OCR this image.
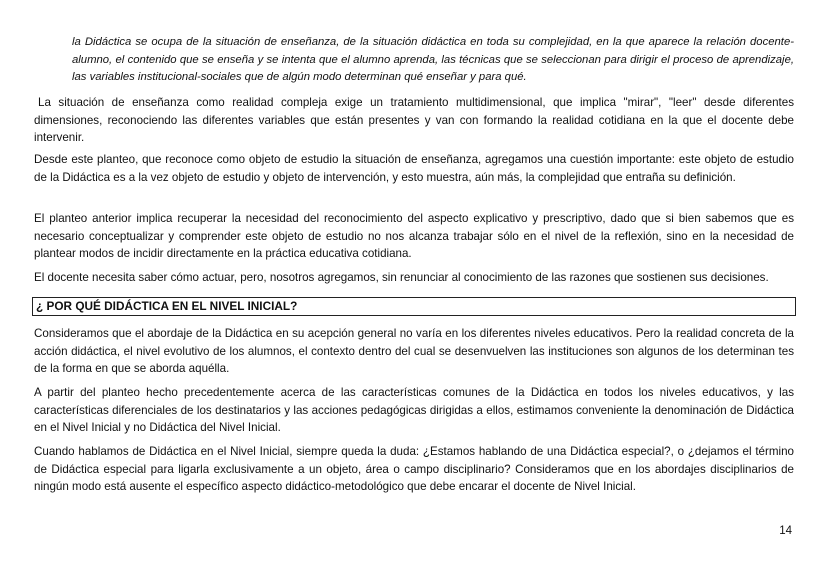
la Didáctica se ocupa de la situación de enseñanza, de la situación didáctica en toda su complejidad, en la que aparece la relación docente-alumno, el contenido que se enseña y se intenta que el alumno aprenda, las técnicas que se seleccionan para dirigir el proceso de aprendizaje, las variables institucional-sociales que de algún modo determinan qué enseñar y para qué.

La situación de enseñanza como realidad compleja exige un tratamiento multidimensional, que implica "mirar", "leer" desde diferentes dimensiones, reconociendo las diferentes variables que están presentes y van con formando la realidad cotidiana en la que el docente debe intervenir.

Desde este planteo, que reconoce como objeto de estudio la situación de enseñanza, agregamos una cuestión importante: este objeto de estudio de la Didáctica es a la vez objeto de estudio y objeto de intervención, y esto muestra, aún más, la complejidad que entraña su definición.

El planteo anterior implica recuperar la necesidad del reconocimiento del aspecto explicativo y prescriptivo, dado que si bien sabemos que es necesario conceptualizar y comprender este objeto de estudio no nos alcanza trabajar sólo en el nivel de la reflexión, sino en la necesidad de plantear modos de incidir directamente en la práctica educativa cotidiana.

El docente necesita saber cómo actuar, pero, nosotros agregamos, sin renunciar al conocimiento de las razones que sostienen sus decisiones.

¿ POR QUÉ DIDÁCTICA EN EL NIVEL INICIAL?

Consideramos que el abordaje de la Didáctica en su acepción general no varía en los diferentes niveles educativos. Pero la realidad concreta de la acción didáctica, el nivel evolutivo de los alumnos, el contexto dentro del cual se desenvuelven las instituciones son algunos de los determinan tes de la forma en que se aborda aquélla.

A partir del planteo hecho precedentemente acerca de las características comunes de la Didáctica en todos los niveles educativos, y las características diferenciales de los destinatarios y las acciones pedagógicas dirigidas a ellos, estimamos conveniente la denominación de Didáctica en el Nivel Inicial y no Didáctica del Nivel Inicial.

Cuando hablamos de Didáctica en el Nivel Inicial, siempre queda la duda: ¿Estamos hablando de una Didáctica especial?, o ¿dejamos el término de Didáctica especial para ligarla exclusivamente a un objeto, área o campo disciplinario? Consideramos que en los abordajes disciplinarios de ningún modo está ausente el específico aspecto didáctico-metodológico que debe encarar el docente de Nivel Inicial.

14
